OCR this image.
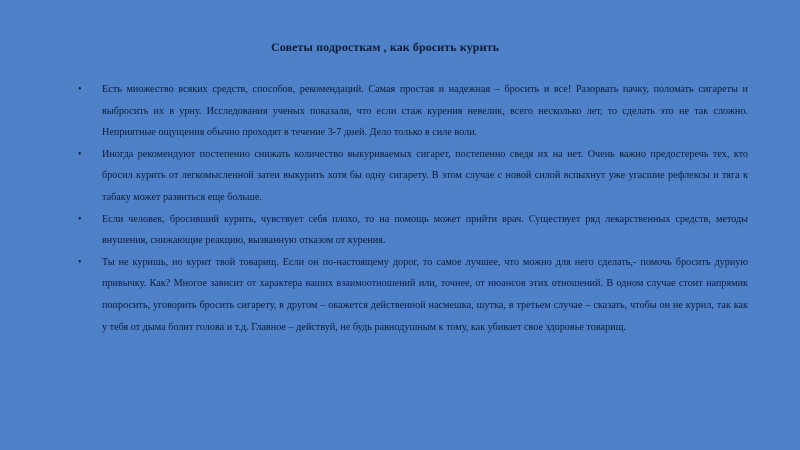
Советы подросткам , как бросить курить
• Есть множество всяких средств, способов, рекомендаций. Самая простая и надежная – бросить и все! Разорвать пачку, поломать сигареты и выбросить их в урну. Исследования ученых показали, что если стаж курения невелик, всего несколько лет, то сделать это не так сложно. Неприятные ощущения обычно проходят в течение 3-7 дней. Дело только в силе воли.
• Иногда рекомендуют постепенно снижать количество выкуриваемых сигарет, постепенно сведя их на нет. Очень важно предостеречь тех, кто бросил курить от легкомысленной затеи выкурить хотя бы одну сигарету. В этом случае с новой силой вспыхнут уже угасшие рефлексы и тяга к табаку может развиться еще больше.
• Если человек, бросивший курить, чувствует себя плохо, то на помощь может прийти врач. Существует ряд лекарственных средств, методы внушения, снижающие реакцию, вызванную отказом от курения.
• Ты не куришь, но курит твой товарищ. Если он по-настоящему дорог, то самое лучшее, что можно для него сделать,- помочь бросить дурную привычку. Как? Многое зависит от характера ваших взаимоотношений или, точнее, от нюансов этих отношений. В одном случае стоит напрямик попросить, уговорить бросить сигарету, в другом – окажется действенной насмешка, шутка, в третьем случае – сказать, чтобы он не курил, так как у тебя от дыма болит голова и т.д. Главное – действуй, не будь равнодушным к тому, как убивает свое здоровье товарищ.
